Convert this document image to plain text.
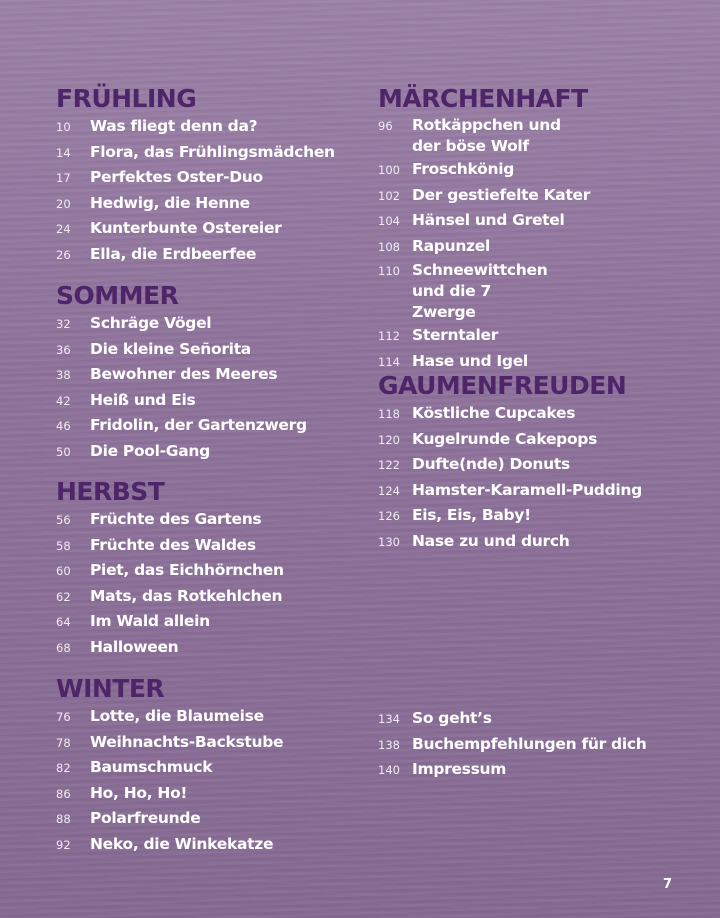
FRÜHLING
10	Was fliegt denn da?
14	Flora, das Frühlingsmädchen
17	Perfektes Oster-Duo
20	Hedwig, die Henne
24	Kunterbunte Ostereier
26	Ella, die Erdbeerfee
SOMMER
32	Schräge Vögel
36	Die kleine Señorita
38	Bewohner des Meeres
42	Heiß und Eis
46	Fridolin, der Gartenzwerg
50	Die Pool-Gang
HERBST
56	Früchte des Gartens
58	Früchte des Waldes
60	Piet, das Eichhörnchen
62	Mats, das Rotkehlchen
64	Im Wald allein
68	Halloween
WINTER
76	Lotte, die Blaumeise
78	Weihnachts-Backstube
82	Baumschmuck
86	Ho, Ho, Ho!
88	Polarfreunde
92	Neko, die Winkekatze
MÄRCHENHAFT
96	Rotkäppchen und der böse Wolf
100 Froschkönig
102 Der gestiefelte Kater
104 Hänsel und Gretel
108 Rapunzel
110 Schneewittchen und die 7 Zwerge
112 Sterntaler
114 Hase und Igel
GAUMENFREUDEN
118 Köstliche Cupcakes
120 Kugelrunde Cakepops
122 Dufte(nde) Donuts
124 Hamster-Karamell-Pudding
126 Eis, Eis, Baby!
130 Nase zu und durch
134 So geht’s
138 Buchempfehlungen für dich
140 Impressum
7
